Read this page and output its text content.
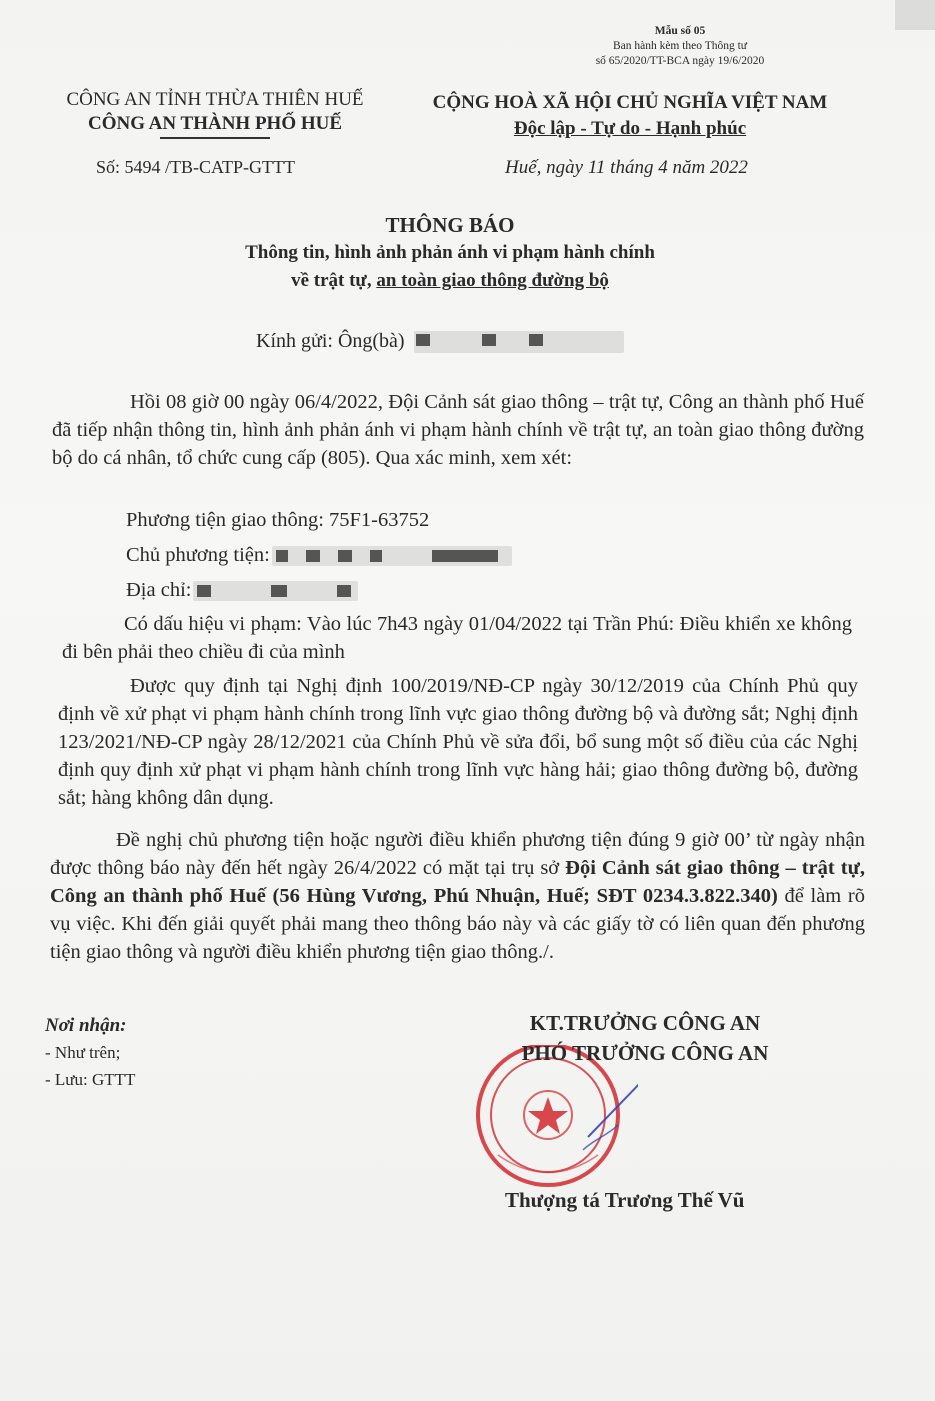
Mẫu số 05
Ban hành kèm theo Thông tư
số 65/2020/TT-BCA ngày 19/6/2020
CÔNG AN TỈNH THỪA THIÊN HUẾ
CÔNG AN THÀNH PHỐ HUẾ
CỘNG HOÀ XÃ HỘI CHỦ NGHĨA VIỆT NAM
Độc lập - Tự do - Hạnh phúc
Số: 5494 /TB-CATP-GTTT	Huế, ngày 11 tháng 4 năm 2022
THÔNG BÁO
Thông tin, hình ảnh phản ánh vi phạm hành chính
về trật tự, an toàn giao thông đường bộ
Kính gửi: Ông(bà)
Hồi 08 giờ 00 ngày 06/4/2022, Đội Cảnh sát giao thông – trật tự, Công an thành phố Huế đã tiếp nhận thông tin, hình ảnh phản ánh vi phạm hành chính về trật tự, an toàn giao thông đường bộ do cá nhân, tổ chức cung cấp (805). Qua xác minh, xem xét:
Phương tiện giao thông: 75F1-63752
Chủ phương tiện:
Địa chỉ:
Có dấu hiệu vi phạm: Vào lúc 7h43 ngày 01/04/2022 tại Trần Phú: Điều khiển xe không đi bên phải theo chiều đi của mình
Được quy định tại Nghị định 100/2019/NĐ-CP ngày 30/12/2019 của Chính Phủ quy định về xử phạt vi phạm hành chính trong lĩnh vực giao thông đường bộ và đường sắt; Nghị định 123/2021/NĐ-CP ngày 28/12/2021 của Chính Phủ về sửa đổi, bổ sung một số điều của các Nghị định quy định xử phạt vi phạm hành chính trong lĩnh vực hàng hải; giao thông đường bộ, đường sắt; hàng không dân dụng.
Đề nghị chủ phương tiện hoặc người điều khiển phương tiện đúng 9 giờ 00’ từ ngày nhận được thông báo này đến hết ngày 26/4/2022 có mặt tại trụ sở Đội Cảnh sát giao thông – trật tự, Công an thành phố Huế (56 Hùng Vương, Phú Nhuận, Huế; SĐT 0234.3.822.340) để làm rõ vụ việc. Khi đến giải quyết phải mang theo thông báo này và các giấy tờ có liên quan đến phương tiện giao thông và người điều khiển phương tiện giao thông./.
Nơi nhận:
- Như trên;
- Lưu: GTTT
KT.TRƯỞNG CÔNG AN
PHÓ TRƯỞNG CÔNG AN
Thượng tá Trương Thế Vũ
